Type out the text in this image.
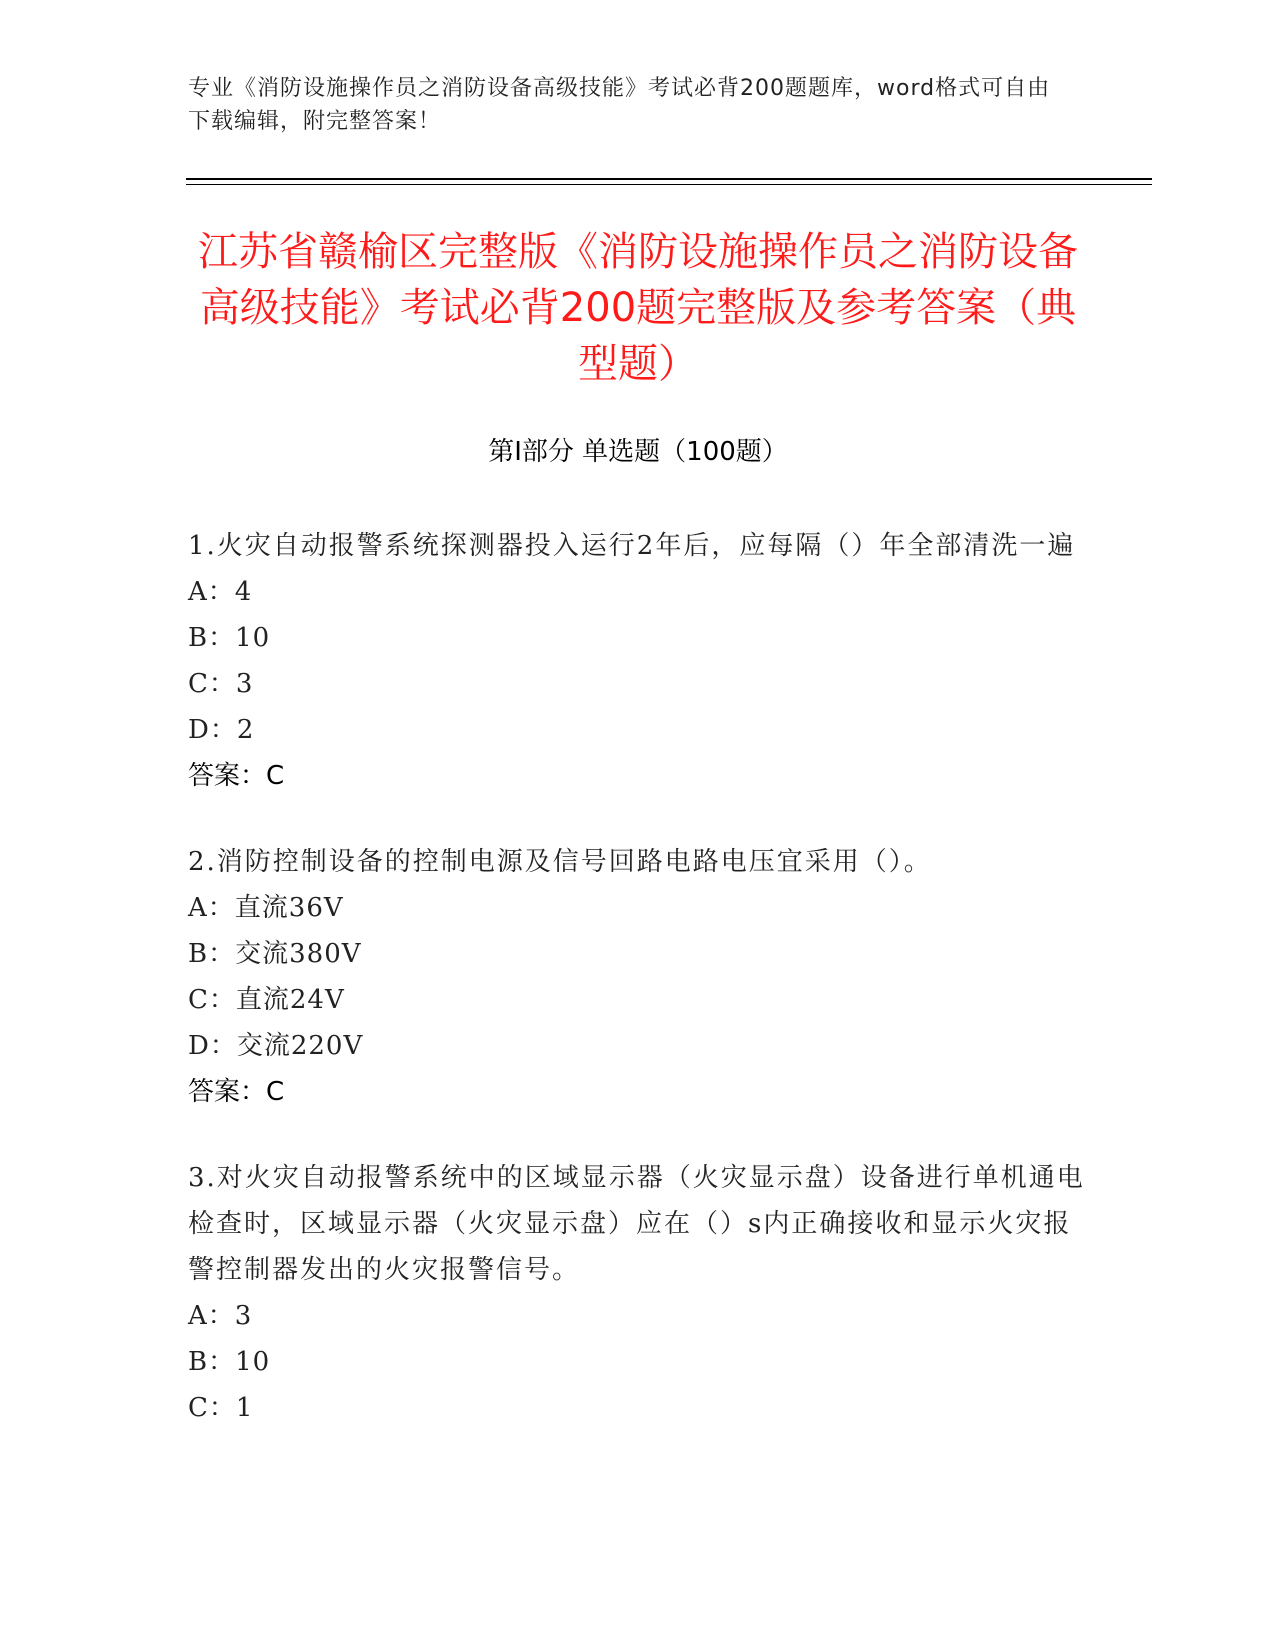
专业《消防设施操作员之消防设备高级技能》考试必背200题题库，word格式可自由下载编辑，附完整答案！
江苏省赣榆区完整版《消防设施操作员之消防设备高级技能》考试必背200题完整版及参考答案（典型题）
第I部分 单选题（100题）
1.火灾自动报警系统探测器投入运行2年后，应每隔（）年全部清洗一遍
A：4
B：10
C：3
D：2
答案：C
2.消防控制设备的控制电源及信号回路电路电压宜采用（）。
A：直流36V
B：交流380V
C：直流24V
D：交流220V
答案：C
3.对火灾自动报警系统中的区域显示器（火灾显示盘）设备进行单机通电检查时，区域显示器（火灾显示盘）应在（）s内正确接收和显示火灾报警控制器发出的火灾报警信号。
A：3
B：10
C：1
